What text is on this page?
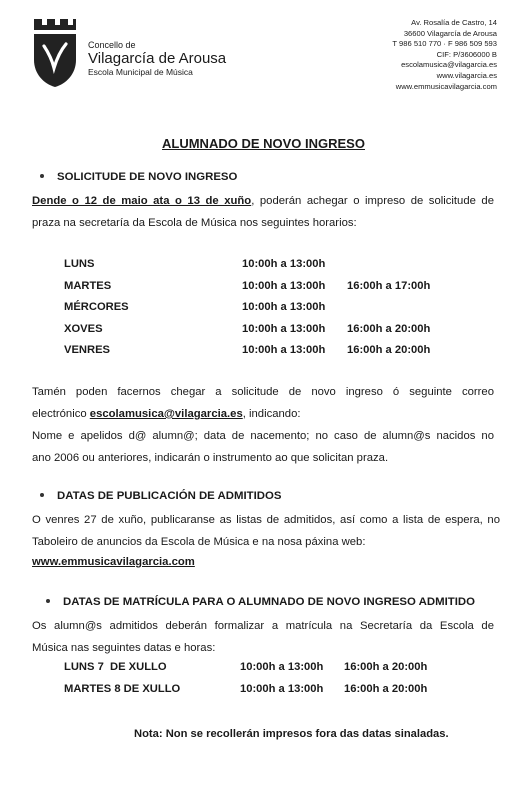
Concello de
Vilagarcía de Arousa
Escola Municipal de Música
Av. Rosalía de Castro, 14
36600 Vilagarcía de Arousa
T 986 510 770 · F 986 509 593
CIF: P/3606000 B
escolamusica@vilagarcia.es
www.vilagarcia.es
www.emmusicavilagarcia.com
ALUMNADO DE NOVO INGRESO
SOLICITUDE DE NOVO INGRESO
Dende o 12 de maio ata o 13 de xuño, poderán achegar o impreso de solicitude de
praza na secretaría da Escola de Música nos seguintes horarios:
LUNS	10:00h a 13:00h
MARTES	10:00h a 13:00h 16:00h a 17:00h
MÉRCORES	10:00h a 13:00h
XOVES	10:00h a 13:00h 16:00h a 20:00h
VENRES	10:00h a 13:00h 16:00h a 20:00h
Tamén poden facernos chegar a solicitude de novo ingreso ó seguinte correo
electrónico escolamusica@vilagarcia.es, indicando:
Nome e apelidos d@ alumn@; data de nacemento; no caso de alumn@s nacidos no
ano 2006 ou anteriores, indicarán o instrumento ao que solicitan praza.
DATAS DE PUBLICACIÓN DE ADMITIDOS
O venres 27 de xuño, publicaranse as listas de admitidos, así como a lista de espera, no
Taboleiro de anuncios da Escola de Música e na nosa páxina web:
www.emmusicavilagarcia.com
DATAS DE MATRÍCULA PARA O ALUMNADO DE NOVO INGRESO ADMITIDO
Os alumn@s admitidos deberán formalizar a matrícula na Secretaría da Escola de
Música nas seguintes datas e horas:
LUNS 7  DE XULLO	10:00h a 13:00h 16:00h a 20:00h
MARTES 8 DE XULLO	10:00h a 13:00h 16:00h a 20:00h
Nota: Non se recollerán impresos fora das datas sinaladas.
